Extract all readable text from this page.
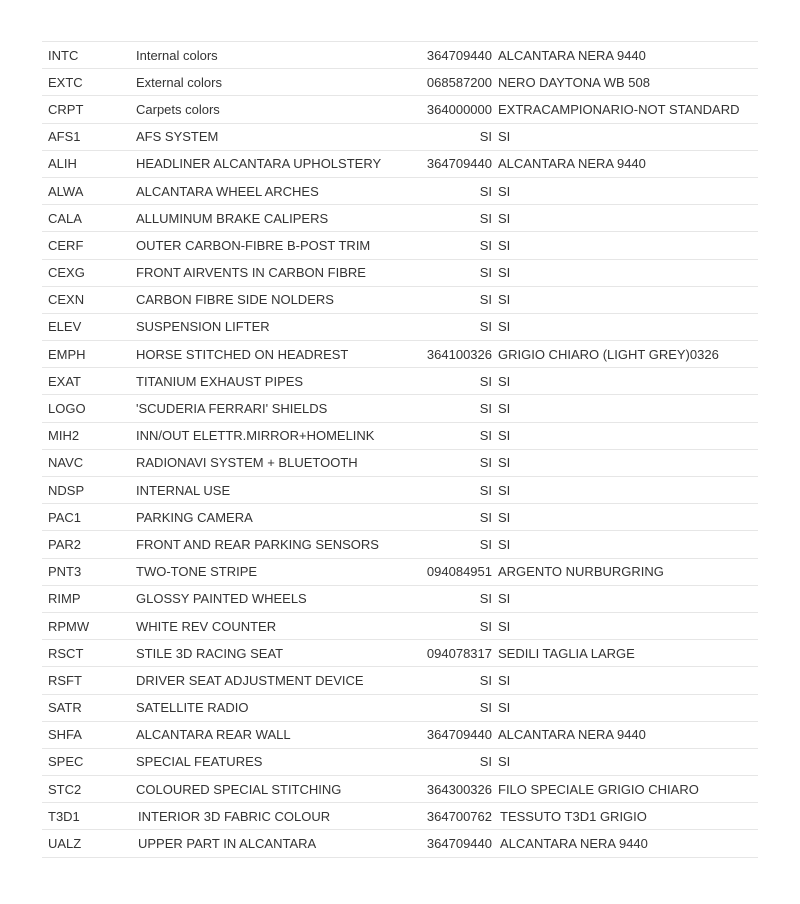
INTC	Internal colors	364709440	ALCANTARA NERA 9440
EXTC	External colors	068587200	NERO DAYTONA WB 508
CRPT	Carpets colors	364000000	EXTRACAMPIONARIO-NOT STANDARD
AFS1	AFS SYSTEM	SI	SI
ALIH	HEADLINER ALCANTARA UPHOLSTERY	364709440	ALCANTARA NERA 9440
ALWA	ALCANTARA WHEEL ARCHES	SI	SI
CALA	ALLUMINUM BRAKE CALIPERS	SI	SI
CERF	OUTER CARBON-FIBRE B-POST TRIM	SI	SI
CEXG	FRONT AIRVENTS IN CARBON FIBRE	SI	SI
CEXN	CARBON FIBRE SIDE NOLDERS	SI	SI
ELEV	SUSPENSION LIFTER	SI	SI
EMPH	HORSE STITCHED ON HEADREST	364100326	GRIGIO CHIARO (LIGHT GREY)0326
EXAT	TITANIUM EXHAUST PIPES	SI	SI
LOGO	'SCUDERIA FERRARI' SHIELDS	SI	SI
MIH2	INN/OUT ELETTR.MIRROR+HOMELINK	SI	SI
NAVC	RADIONAVI SYSTEM + BLUETOOTH	SI	SI
NDSP	INTERNAL USE	SI	SI
PAC1	PARKING CAMERA	SI	SI
PAR2	FRONT AND REAR PARKING SENSORS	SI	SI
PNT3	TWO-TONE STRIPE	094084951	ARGENTO NURBURGRING
RIMP	GLOSSY PAINTED WHEELS	SI	SI
RPMW	WHITE REV COUNTER	SI	SI
RSCT	STILE 3D RACING SEAT	094078317	SEDILI TAGLIA LARGE
RSFT	DRIVER SEAT ADJUSTMENT DEVICE	SI	SI
SATR	SATELLITE RADIO	SI	SI
SHFA	ALCANTARA REAR WALL	364709440	ALCANTARA NERA 9440
SPEC	SPECIAL FEATURES	SI	SI
STC2	COLOURED SPECIAL STITCHING	364300326	FILO SPECIALE GRIGIO CHIARO
T3D1	INTERIOR 3D FABRIC COLOUR	364700762	TESSUTO T3D1 GRIGIO
UALZ	UPPER PART IN ALCANTARA	364709440	ALCANTARA NERA 9440
